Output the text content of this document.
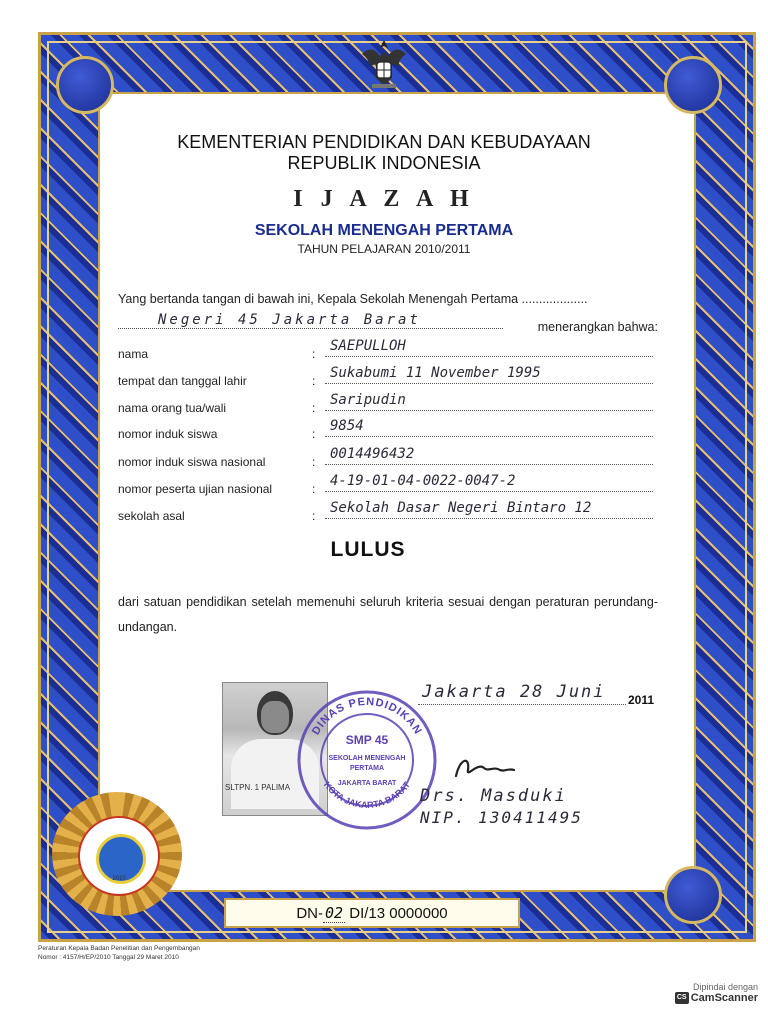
KEMENTERIAN PENDIDIKAN DAN KEBUDAYAAN
REPUBLIK INDONESIA
I J A Z A H
SEKOLAH MENENGAH PERTAMA
TAHUN PELAJARAN 2010/2011
Yang bertanda tangan di bawah ini, Kepala Sekolah Menengah Pertama ...................
Negeri 45 Jakarta Barat	menerangkan bahwa:
nama	: SAEPULLOH
tempat dan tanggal lahir	: Sukabumi 11 November 1995
nama orang tua/wali	: Saripudin
nomor induk siswa	: 9854
nomor induk siswa nasional	: 0014496432
nomor peserta ujian nasional	: 4-19-01-04-0022-0047-2
sekolah asal	: Sekolah Dasar Negeri Bintaro 12
LULUS
dari satuan pendidikan setelah memenuhi seluruh kriteria sesuai dengan peraturan perundang-undangan.
SLTPN. 1 PALIMA
DINAS PENDIDIKAN
KOTA JAKARTA BARAT
SMP 45
SEKOLAH MENENGAH
PERTAMA
JAKARTA BARAT
Jakarta 28 Juni 2011
Drs. Masduki
NIP. 130411495
2010
DN- 02 DI/13 0000000
Peraturan Kepala Badan Penelitian dan Pengembangan
Nomor : 4157/H/EP/2010 Tanggal 29 Maret 2010
Dipindai dengan
CS CamScanner
